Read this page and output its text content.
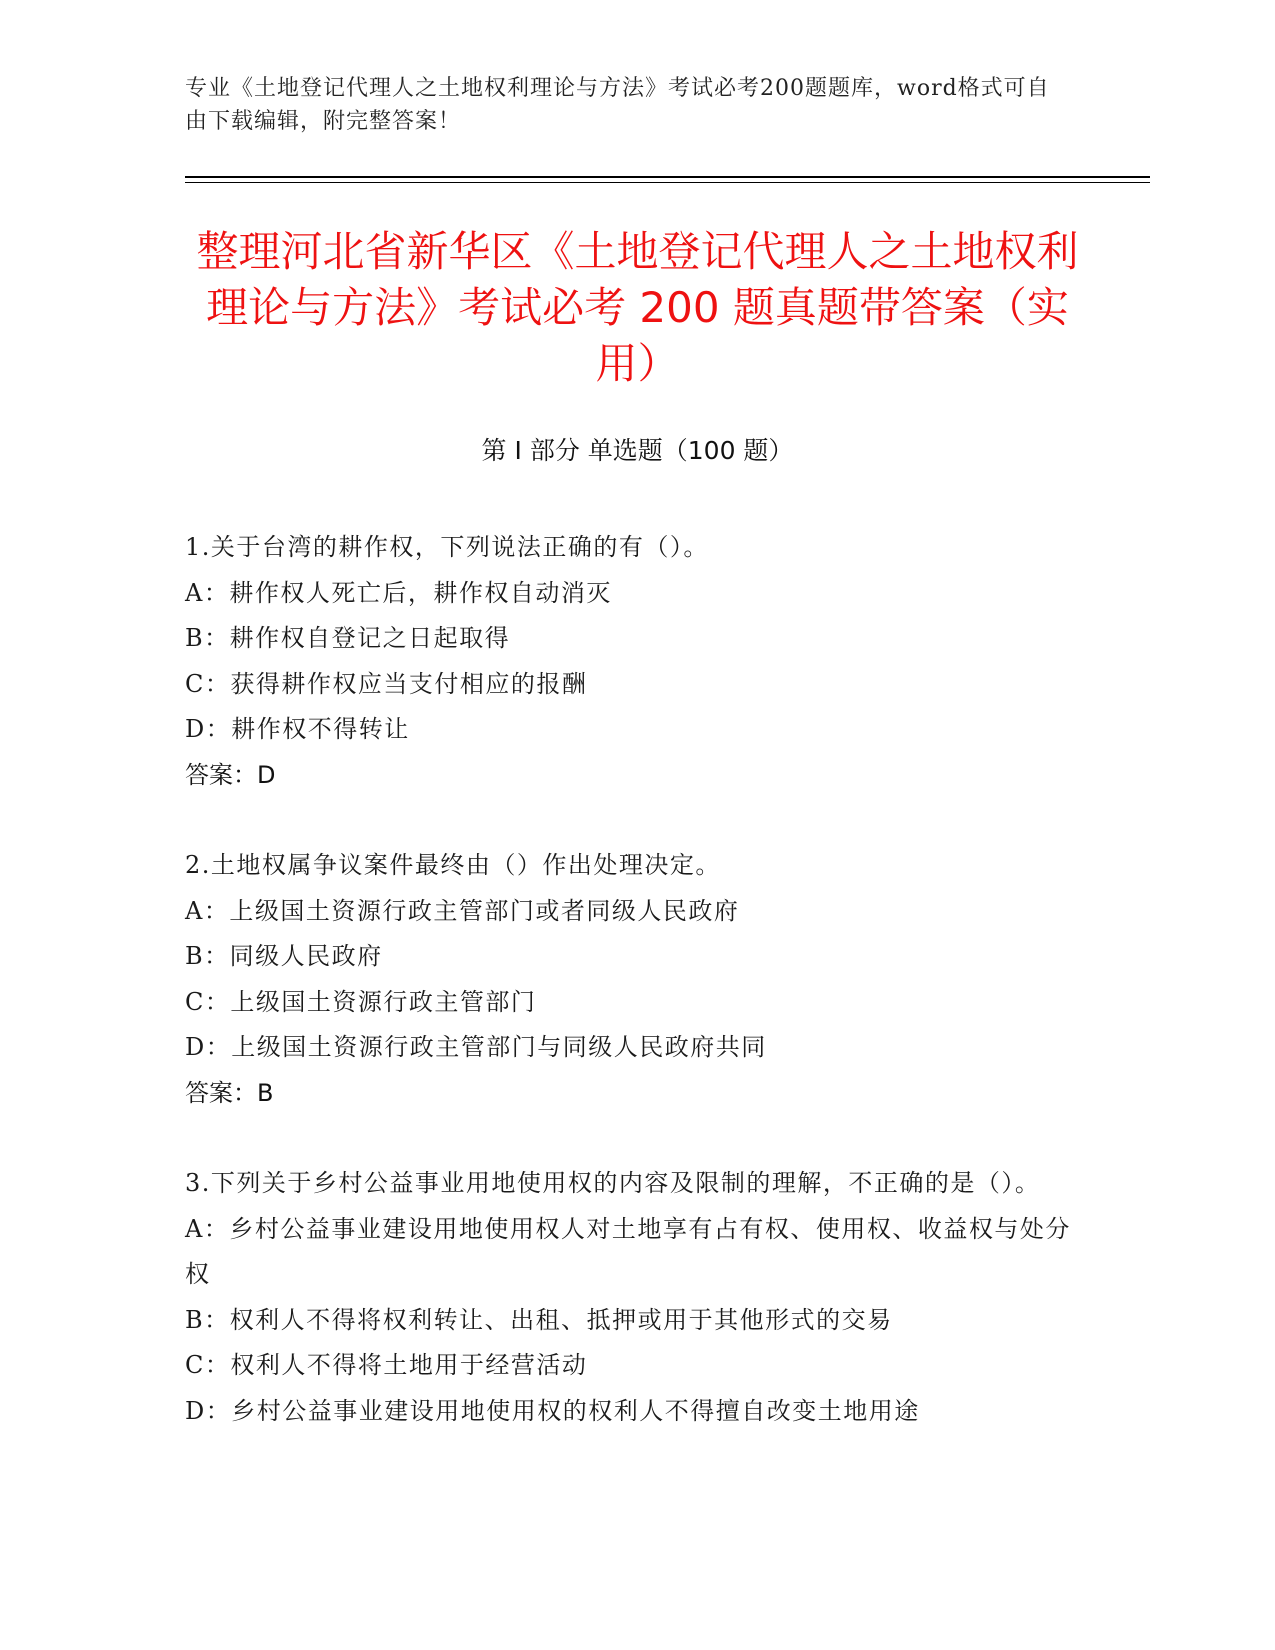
专业《土地登记代理人之土地权利理论与方法》考试必考200题题库，word格式可自由下载编辑，附完整答案！
整理河北省新华区《土地登记代理人之土地权利理论与方法》考试必考 200 题真题带答案（实用）
第 I 部分 单选题（100 题）
1.关于台湾的耕作权，下列说法正确的有（）。
A：耕作权人死亡后，耕作权自动消灭
B：耕作权自登记之日起取得
C：获得耕作权应当支付相应的报酬
D：耕作权不得转让
答案：D
2.土地权属争议案件最终由（）作出处理决定。
A：上级国土资源行政主管部门或者同级人民政府
B：同级人民政府
C：上级国土资源行政主管部门
D：上级国土资源行政主管部门与同级人民政府共同
答案：B
3.下列关于乡村公益事业用地使用权的内容及限制的理解，不正确的是（）。
A：乡村公益事业建设用地使用权人对土地享有占有权、使用权、收益权与处分权
B：权利人不得将权利转让、出租、抵押或用于其他形式的交易
C：权利人不得将土地用于经营活动
D：乡村公益事业建设用地使用权的权利人不得擅自改变土地用途
